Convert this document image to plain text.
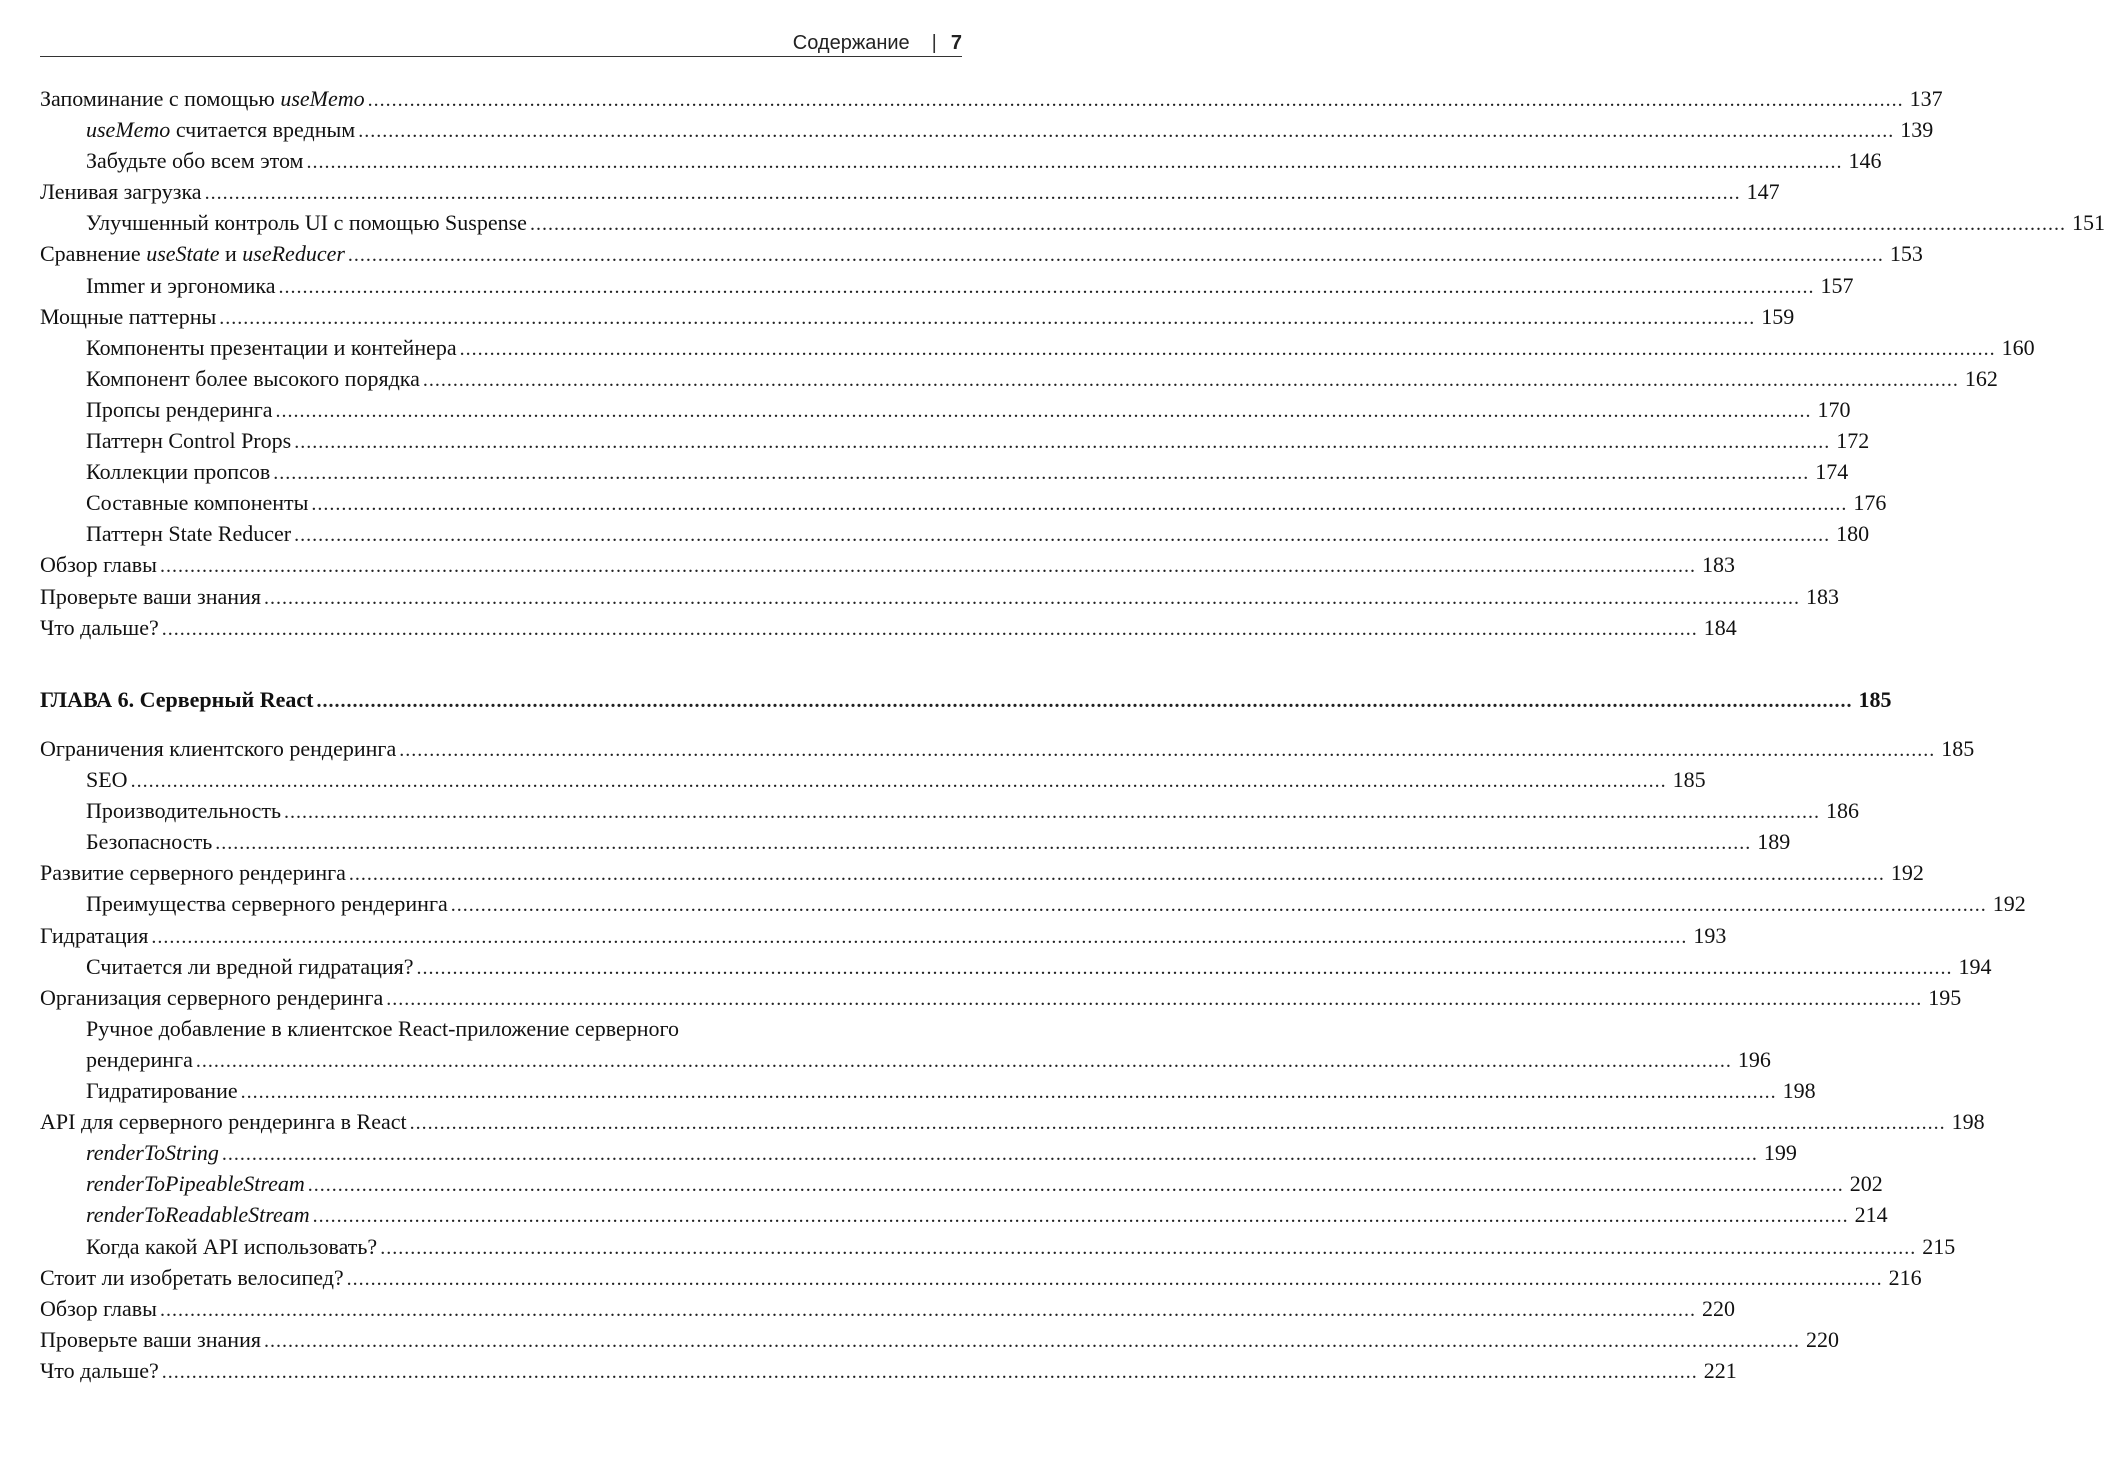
Содержание | 7
Запоминание с помощью useMemo .....	137
useMemo считается вредным .....	139
Забудьте обо всем этом .....	146
Ленивая загрузка .....	147
Улучшенный контроль UI с помощью Suspense .....	151
Сравнение useState и useReducer .....	153
Immer и эргономика .....	157
Мощные паттерны .....	159
Компоненты презентации и контейнера .....	160
Компонент более высокого порядка .....	162
Пропсы рендеринга .....	170
Паттерн Control Props .....	172
Коллекции пропсов .....	174
Составные компоненты .....	176
Паттерн State Reducer .....	180
Обзор главы .....	183
Проверьте ваши знания .....	183
Что дальше? .....	184
ГЛАВА 6. Серверный React .....	185
Ограничения клиентского рендеринга .....	185
SEO .....	185
Производительность .....	186
Безопасность .....	189
Развитие серверного рендеринга .....	192
Преимущества серверного рендеринга .....	192
Гидратация .....	193
Считается ли вредной гидратация? .....	194
Организация серверного рендеринга .....	195
Ручное добавление в клиентское React-приложение серверного
рендеринга .....	196
Гидратирование .....	198
API для серверного рендеринга в React .....	198
renderToString .....	199
renderToPipeableStream .....	202
renderToReadableStream .....	214
Когда какой API использовать? .....	215
Стоит ли изобретать велосипед? .....	216
Обзор главы .....	220
Проверьте ваши знания .....	220
Что дальше? .....	221
